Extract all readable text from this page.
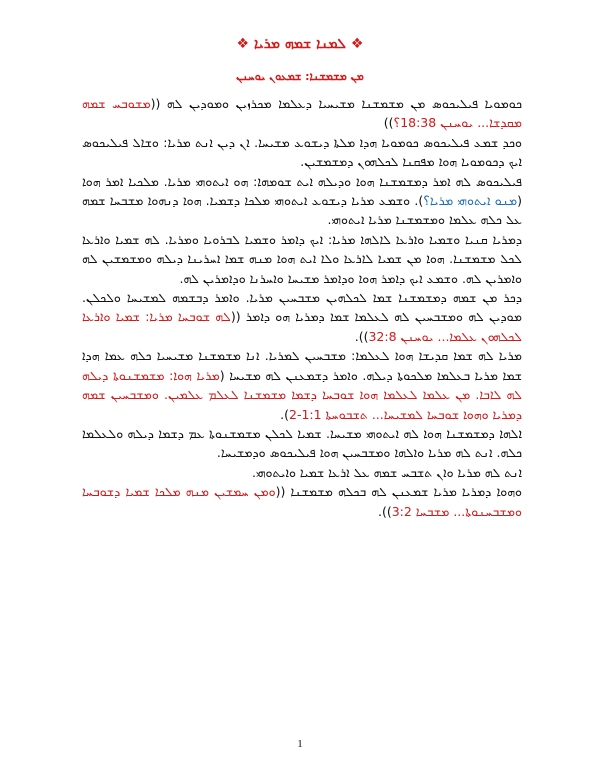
❖ ܠܡܢܐ ܫܡܗ ܡܪܝܐ ❖
ܡܢ ܡܫܡܫܢܐ: ܫܡܥܘܢ ܝܘܚܢܢ

ܟܘܡܘܝܐ ܦܝܠܝܟܘܣ ܡܢ ܡܫܡܫܢܐ ܡܫܝܚܝܐ ܕܥܠܡܐ ܡܟܪܙܝܢ ܘܡܘܕܝܢ ܠܗ ((ܡܫܘܒܚ ܫܡܗ ܡܩܕܫܐ... ܝܘܚܢܢ 18:38؟))

ܘܟܕ ܫܡܥ ܦܝܠܝܟܘܣ ܟܘܡܘܝܐ ܗܕܐ ܡܠܬܐ ܕܝܫܘܥ ܡܫܝܚܐ. ܐܢ ܕܝܢ ܐܢܬ ܡܪܝܐ: ܘܫܐܠ ܦܝܠܝܟܘܣ ܐܝܟ ܕܟܘܡܘܝܐ ܗܘܐ ܡܦܩܢܐ ܠܟܠܗܘܢ ܕܡܫܡܫܝܢ.

ܦܝܠܝܟܘܣ ܠܗ ܐܡܪ ܕܡܫܡܫܢܐ ܗܘܐ ܘܕܝܠܗ ܐܝܬ ܫܘܡܗܐ: ܗܘ ܐܝܬܘܗܝ ܡܪܝܐ. ܡܠܟܝܐ ܐܡܪ ܗܘܐ (ܡܢܘ ܐܝܬܘܗܝ ܡܪܝܐ؟). ܘܫܡܥ ܡܪܝܐ ܕܝܫܘܥ ܐܝܬܘܗܝ ܡܠܟܐ ܕܫܡܝܐ. ܗܘܐ ܕܢܗܘܐ ܡܫܒܚܐ ܫܡܗ ܥܠ ܟܠܗ ܥܠܡܐ ܘܡܫܡܫܢܐ ܡܪܝܐ ܐܝܬܘܗܝ.

ܕܡܪܝܐ ܩܢܝܐ ܘܫܡܝܐ ܘܐܪܥܐ ܠܐܠܗܐ ܡܪܝܐ: ܐܝܟ ܕܐܡܪ ܘܫܡܝܐ ܠܒܪܘܝܐ ܘܡܪܝܐ. ܠܗ ܫܡܝܐ ܘܐܪܥܐ ܠܟܠ ܡܫܡܫܢܐ. ܗܘܐ ܡܢ ܫܡܝܐ ܠܐܪܥܐ ܘܠܐ ܐܝܬ ܗܘܐ ܡܢܗ ܫܡܐ ܐܚܪܝܢܐ ܕܝܠܗ ܘܡܫܡܫܝܢ ܠܗ ܘܐܡܪܝܢ ܠܗ. ܘܫܡܥ ܐܝܟ ܕܐܡܪ ܗܘܐ ܘܕܐܡܪ ܡܫܝܚܐ ܘܐܚܪܢܐ ܘܕܐܡܪܝܢ ܠܗ.

ܕܟܪ ܡܢ ܫܡܗ ܕܡܫܡܫܢܐ ܫܡܐ ܠܟܠܗܝܢ ܡܫܒܚܝܢ ܡܪܝܐ. ܘܐܡܪ ܕܒܫܡܗ ܠܡܫܝܚܐ ܘܠܟܠܢ. ܡܘܕܝܢ ܠܗ ܘܡܫܒܚܝܢ ܠܗ ܠܥܠܡܐ ܫܡܐ ܕܡܪܝܐ ܗܘ ܕܐܡܪ ((ܠܗ ܫܘܒܚܐ ܡܪܝܐ: ܫܡܝܐ ܘܐܪܥܐ ܠܟܠܗܘܢ ܥܠܡܐ... ܝܘܚܢܢ 32:8)).

ܡܪܝܐ ܠܗ ܫܡܐ ܩܕܝܫܐ ܗܘܐ ܠܥܠܡܐ: ܡܫܒܚܝܢ ܠܡܪܝܐ. ܐܢܐ ܡܫܡܫܢܐ ܡܫܝܚܝܐ ܟܠܗ ܥܡܐ ܗܕܐ ܫܡܐ ܡܪܝܐ ܒܥܠܡܐ ܡܠܟܘܬܐ ܕܝܠܗ. ܘܐܡܪ ܕܫܡܥܢܢ ܠܗ ܡܫܝܚܐ (ܡܪܝܐ ܗܘܐ: ܡܫܡܫܢܘܬܐ ܕܝܠܗ ܠܗ ܠܐܒܐ. ܡܢ ܥܠܡܐ ܠܥܠܡܐ ܗܘܐ ܫܘܒܚܐ ܕܫܡܐ ܡܫܡܫܢܐ ܠܥܠܡ ܥܠܡܝܢ. ܘܡܫܒܚܝܢ ܫܡܗ ܕܡܪܝܐ ܘܗܘܐ ܫܘܒܚܐ ܠܡܫܝܚܐ... ܬܫܒܘܚܬܐ 1:1-2).

ܐܠܗܐ ܕܡܫܡܫܢܐ ܗܘܐ ܠܗ ܐܝܬܘܗܝ ܡܫܝܚܐ. ܫܡܝܐ ܠܟܠܢ ܡܫܡܫܢܘܬܐ ܥܡ ܕܫܡܐ ܕܝܠܗ ܘܠܥܠܡܐ ܟܠܗ. ܐܢܬ ܠܗ ܡܪܝܐ ܘܐܠܗܐ ܘܡܫܒܚܝܢ ܗܘܐ ܦܝܠܝܟܘܣ ܘܕܡܫܝܚܐ.

ܐܢܬ ܠܗ ܡܪܝܐ ܘܐܢ ܬܫܒܚ ܫܡܗ ܥܠ ܐܪܥܐ ܫܡܝܐ ܘܐܝܬܘܗܝ.

ܘܗܘܐ ܕܡܪܝܐ ܡܪܝܐ ܫܡܥܢܢ ܠܗ ܒܟܠܗ ܡܫܡܫܢܐ ((ܘܡܢ ܚܡܫܝܢ ܡܢܗ ܡܠܟܐ ܫܡܝܐ ܕܫܘܒܚܐ ܘܡܫܒܚܢܘܬܐ... ܡܫܒܚܐ 3:2)).

1
